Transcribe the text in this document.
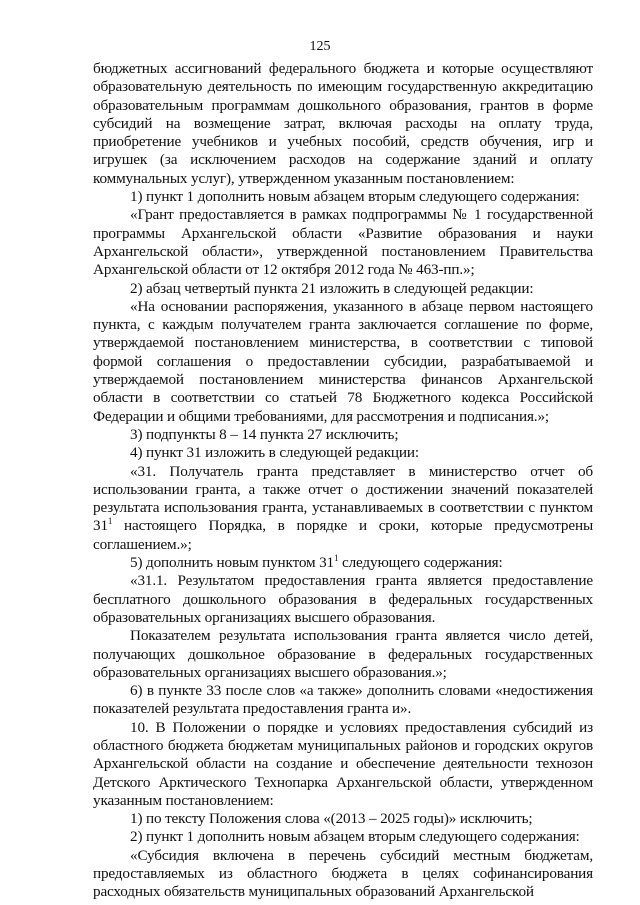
125

бюджетных ассигнований федерального бюджета и которые осуществляют образовательную деятельность по имеющим государственную аккредитацию образовательным программам дошкольного образования, грантов в форме субсидий на возмещение затрат, включая расходы на оплату труда, приобретение учебников и учебных пособий, средств обучения, игр и игрушек (за исключением расходов на содержание зданий и оплату коммунальных услуг), утвержденном указанным постановлением:

1) пункт 1 дополнить новым абзацем вторым следующего содержания:

«Грант предоставляется в рамках подпрограммы № 1 государственной программы Архангельской области «Развитие образования и науки Архангельской области», утвержденной постановлением Правительства Архангельской области от 12 октября 2012 года № 463-пп.»;

2) абзац четвертый пункта 21 изложить в следующей редакции:

«На основании распоряжения, указанного в абзаце первом настоящего пункта, с каждым получателем гранта заключается соглашение по форме, утверждаемой постановлением министерства, в соответствии с типовой формой соглашения о предоставлении субсидии, разрабатываемой и утверждаемой постановлением министерства финансов Архангельской области в соответствии со статьей 78 Бюджетного кодекса Российской Федерации и общими требованиями, для рассмотрения и подписания.»;

3) подпункты 8 – 14 пункта 27 исключить;

4) пункт 31 изложить в следующей редакции:

«31. Получатель гранта представляет в министерство отчет об использовании гранта, а также отчет о достижении значений показателей результата использования гранта, устанавливаемых в соответствии с пунктом $31^1$ настоящего Порядка, в порядке и сроки, которые предусмотрены соглашением.»;

5) дополнить новым пунктом $31^1$ следующего содержания:

«31.1. Результатом предоставления гранта является предоставление бесплатного дошкольного образования в федеральных государственных образовательных организациях высшего образования.

Показателем результата использования гранта является число детей, получающих дошкольное образование в федеральных государственных образовательных организациях высшего образования.»;

6) в пункте 33 после слов «а также» дополнить словами «недостижения показателей результата предоставления гранта и».

10. В Положении о порядке и условиях предоставления субсидий из областного бюджета бюджетам муниципальных районов и городских округов Архангельской области на создание и обеспечение деятельности технозон Детского Арктического Технопарка Архангельской области, утвержденном указанным постановлением:

1) по тексту Положения слова «(2013 – 2025 годы)» исключить;

2) пункт 1 дополнить новым абзацем вторым следующего содержания:

«Субсидия включена в перечень субсидий местным бюджетам, предоставляемых из областного бюджета в целях софинансирования расходных обязательств муниципальных образований Архангельской
